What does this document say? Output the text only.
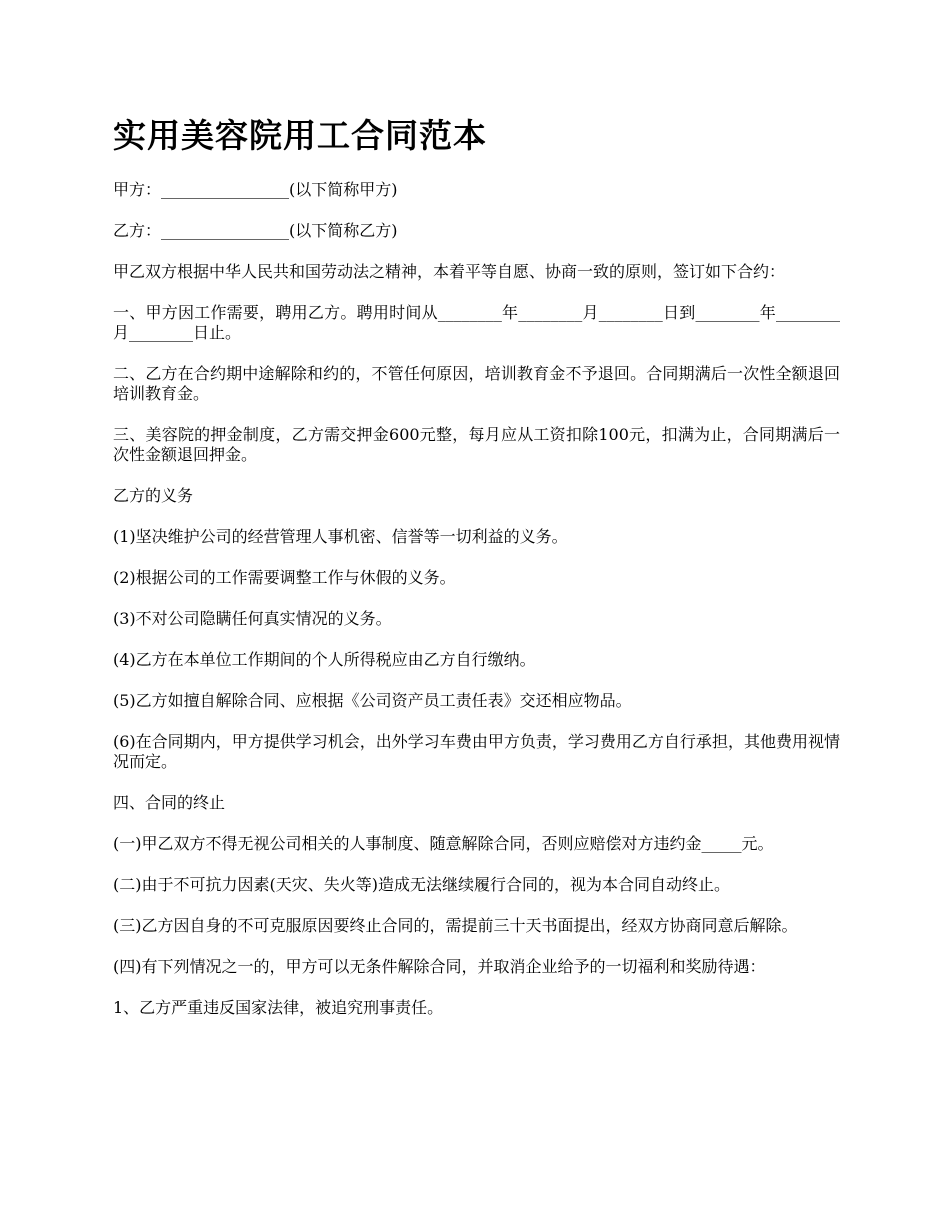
实用美容院用工合同范本

甲方：________________(以下简称甲方)

乙方：________________(以下简称乙方)

甲乙双方根据中华人民共和国劳动法之精神，本着平等自愿、协商一致的原则，签订如下合约：

一、甲方因工作需要，聘用乙方。聘用时间从________年________月________日到________年________月________日止。

二、乙方在合约期中途解除和约的，不管任何原因，培训教育金不予退回。合同期满后一次性全额退回培训教育金。

三、美容院的押金制度，乙方需交押金600元整，每月应从工资扣除100元，扣满为止，合同期满后一次性金额退回押金。

乙方的义务

(1)坚决维护公司的经营管理人事机密、信誉等一切利益的义务。

(2)根据公司的工作需要调整工作与休假的义务。

(3)不对公司隐瞒任何真实情况的义务。

(4)乙方在本单位工作期间的个人所得税应由乙方自行缴纳。

(5)乙方如擅自解除合同、应根据《公司资产员工责任表》交还相应物品。

(6)在合同期内，甲方提供学习机会，出外学习车费由甲方负责，学习费用乙方自行承担，其他费用视情况而定。

四、合同的终止

(一)甲乙双方不得无视公司相关的人事制度、随意解除合同，否则应赔偿对方违约金_____元。

(二)由于不可抗力因素(天灾、失火等)造成无法继续履行合同的，视为本合同自动终止。

(三)乙方因自身的不可克服原因要终止合同的，需提前三十天书面提出，经双方协商同意后解除。

(四)有下列情况之一的，甲方可以无条件解除合同，并取消企业给予的一切福利和奖励待遇：

1、乙方严重违反国家法律，被追究刑事责任。
